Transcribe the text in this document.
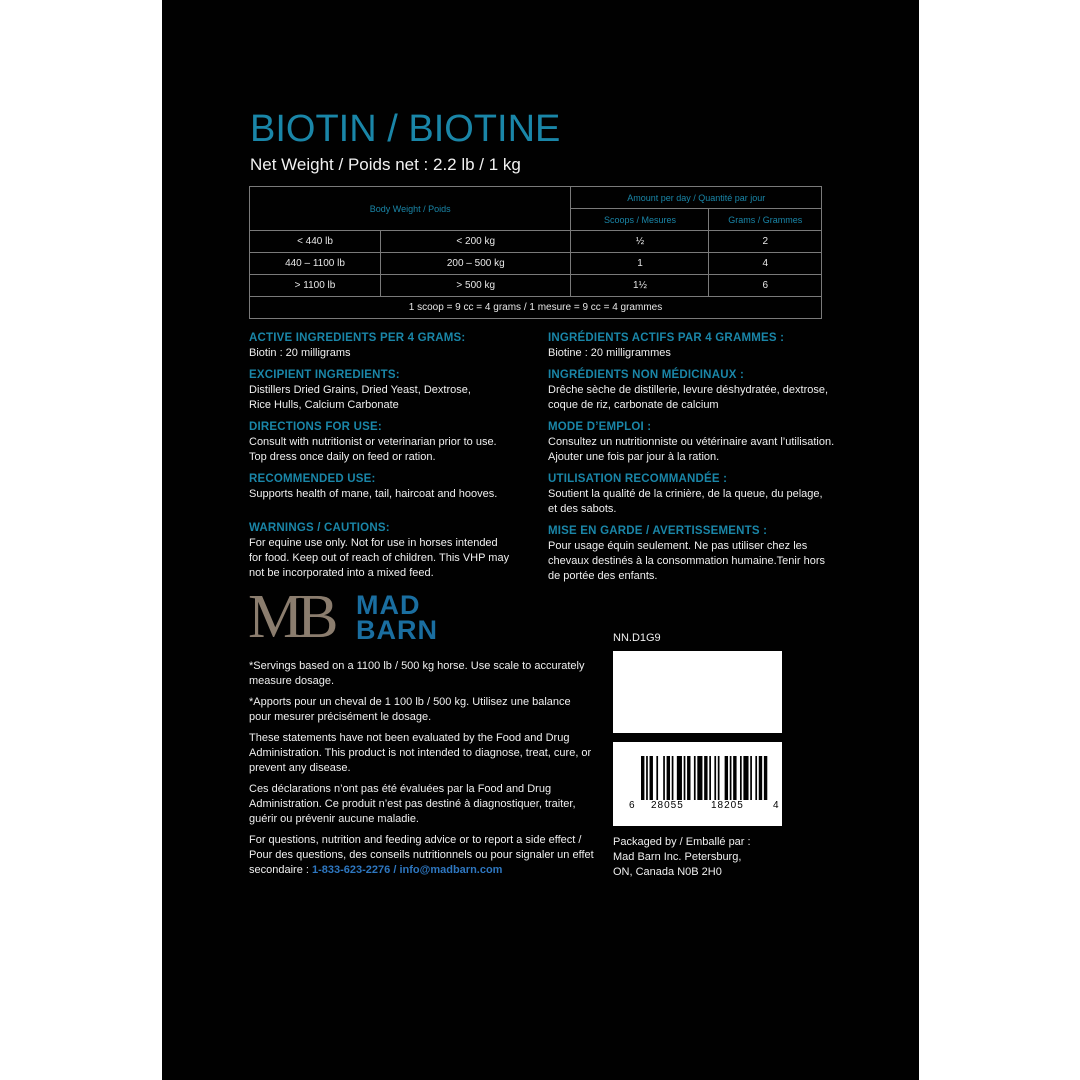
BIOTIN / BIOTINE
Net Weight / Poids net : 2.2 lb / 1 kg
Body Weight / Poids		Amount per day / Quantité par jour	
		Scoops / Mesures	Grams / Grammes
< 440 lb	< 200 kg	½	2
440 – 1100 lb	200 – 500 kg	1	4
> 1100 lb	> 500 kg	1½	6
1 scoop = 9 cc = 4 grams / 1 mesure = 9 cc = 4 grammes			
ACTIVE INGREDIENTS PER 4 GRAMS:
Biotin : 20 milligrams
EXCIPIENT INGREDIENTS:
Distillers Dried Grains, Dried Yeast, Dextrose,
Rice Hulls, Calcium Carbonate
DIRECTIONS FOR USE:
Consult with nutritionist or veterinarian prior to use.
Top dress once daily on feed or ration.
RECOMMENDED USE:
Supports health of mane, tail, haircoat and hooves.
WARNINGS / CAUTIONS:
For equine use only. Not for use in horses intended
for food. Keep out of reach of children. This VHP may
not be incorporated into a mixed feed.
INGRÉDIENTS ACTIFS PAR 4 GRAMMES :
Biotine : 20 milligrammes
INGRÉDIENTS NON MÉDICINAUX :
Drêche sèche de distillerie, levure déshydratée, dextrose,
coque de riz, carbonate de calcium
MODE D’EMPLOI :
Consultez un nutritionniste ou vétérinaire avant l’utilisation.
Ajouter une fois par jour à la ration.
UTILISATION RECOMMANDÉE :
Soutient la qualité de la crinière, de la queue, du pelage,
et des sabots.
MISE EN GARDE / AVERTISSEMENTS :
Pour usage équin seulement. Ne pas utiliser chez les
chevaux destinés à la consommation humaine.Tenir hors
de portée des enfants.
MB MAD
BARN
*Servings based on a 1100 lb / 500 kg horse. Use scale to accurately measure dosage.
*Apports pour un cheval de 1 100 lb / 500 kg. Utilisez une balance pour mesurer précisément le dosage.
These statements have not been evaluated by the Food and Drug Administration. This product is not intended to diagnose, treat, cure, or prevent any disease.
Ces déclarations n’ont pas été évaluées par la Food and Drug Administration. Ce produit n’est pas destiné à diagnostiquer, traiter, guérir ou prévenir aucune maladie.
For questions, nutrition and feeding advice or to report a side effect / Pour des questions, des conseils nutritionnels ou pour signaler un effet secondaire : 1-833-623-2276 / info@madbarn.com
NN.D1G9
6 28055	18205	4
Packaged by / Emballé par :
Mad Barn Inc. Petersburg,
ON, Canada N0B 2H0
